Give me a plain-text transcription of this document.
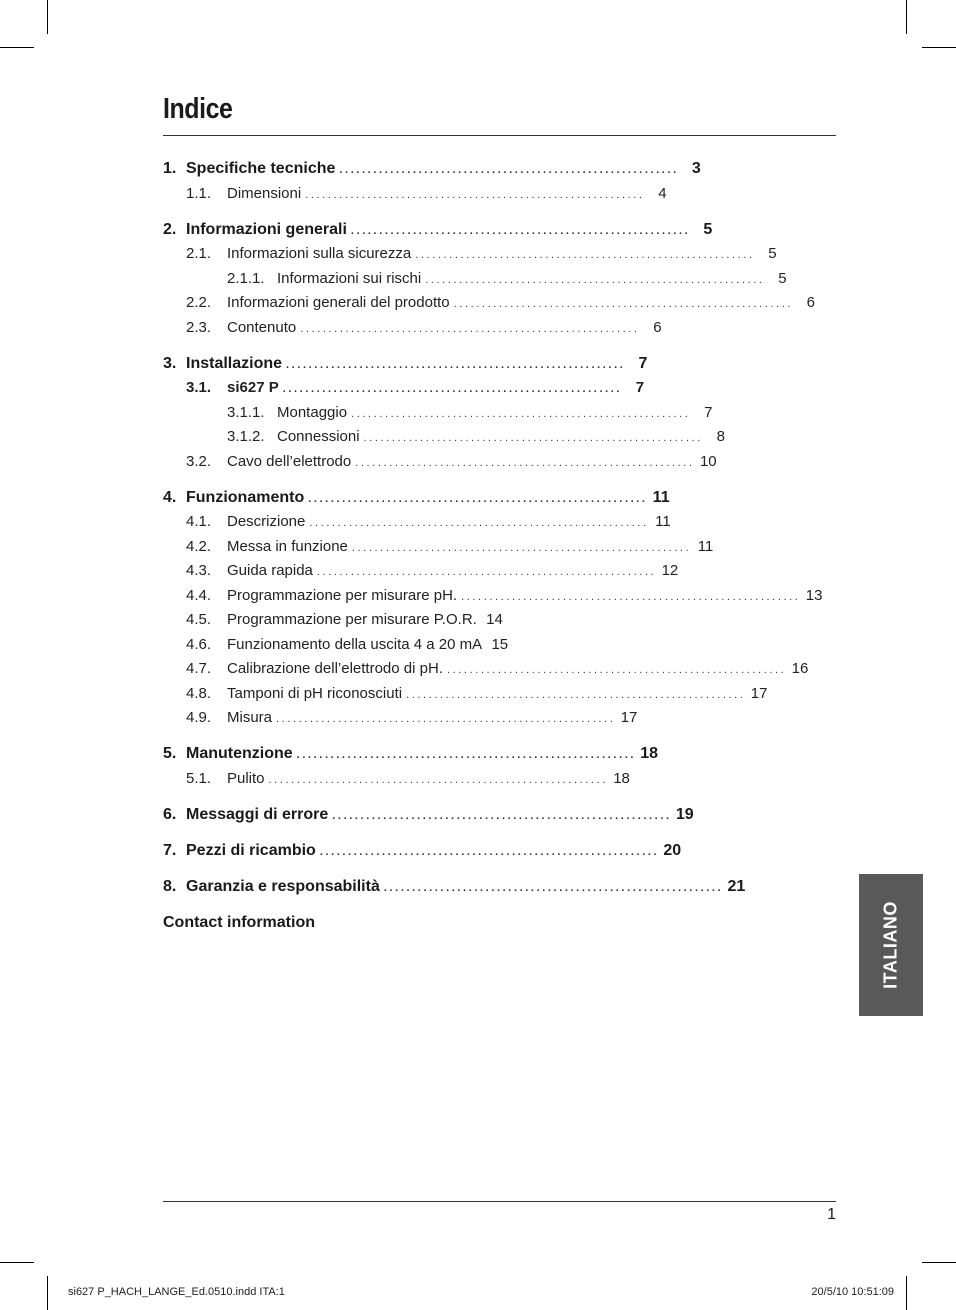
Indice
1. Specifiche tecniche ............................................................ 3
1.1.	Dimensioni ............................................................ 4
2. Informazioni generali ............................................................ 5
2.1.	Informazioni sulla sicurezza ............................................................ 5
2.1.1. Informazioni sui rischi ............................................................ 5
2.2.	Informazioni generali del prodotto ............................................................ 6
2.3.	Contenuto ............................................................ 6
3. Installazione ............................................................ 7
3.1.	si627 P ............................................................ 7
3.1.1. Montaggio ............................................................ 7
3.1.2. Connessioni ............................................................ 8
3.2.	Cavo dell’elettrodo ............................................................ 10
4. Funzionamento ............................................................ 11
4.1.	Descrizione ............................................................ 11
4.2.	Messa in funzione ............................................................ 11
4.3.	Guida rapida ............................................................ 12
4.4.	Programmazione per misurare pH. ............................................................ 13
4.5.	Programmazione per misurare P.O.R. 14
4.6.	Funzionamento della uscita 4 a 20 mA 15
4.7.	Calibrazione dell’elettrodo di pH. ............................................................ 16
4.8.	Tamponi di pH riconosciuti ............................................................ 17
4.9.	Misura ............................................................ 17
5. Manutenzione ............................................................ 18
5.1.	Pulito ............................................................ 18
6. Messaggi di errore ............................................................ 19
7. Pezzi di ricambio ............................................................ 20
8. Garanzia e responsabilità ............................................................ 21
Contact information	ITALIANO
1
si627 P_HACH_LANGE_Ed.0510.indd ITA:1	20/5/10 10:51:09
